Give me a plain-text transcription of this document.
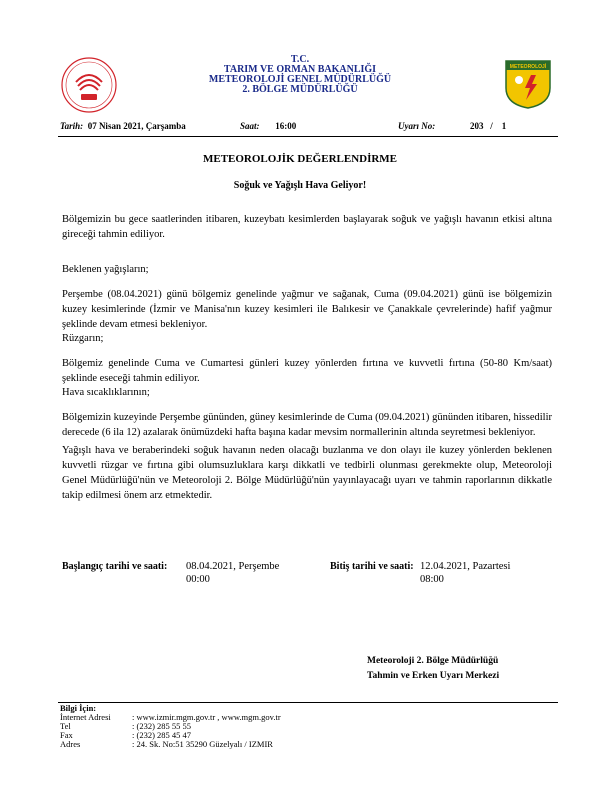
T.C.
TARIM VE ORMAN BAKANLIĞI
METEOROLOJİ GENEL MÜDÜRLÜĞÜ
2. BÖLGE MÜDÜRLÜĞÜ
METEOROLOJİ
Tarih: 07 Nisan 2021, Çarşamba	Saat: 16:00	Uyarı No:	203 / 1
METEOROLOJİK DEĞERLENDİRME
Soğuk ve Yağışlı Hava Geliyor!
Bölgemizin bu gece saatlerinden itibaren, kuzeybatı kesimlerden başlayarak soğuk ve yağışlı havanın etkisi altına gireceği tahmin ediliyor.

Beklenen yağışların;

Perşembe (08.04.2021) günü bölgemiz genelinde yağmur ve sağanak, Cuma (09.04.2021) günü ise bölgemizin kuzey kesimlerinde (İzmir ve Manisa'nın kuzey kesimleri ile Balıkesir ve Çanakkale çevrelerinde) hafif yağmur şeklinde devam etmesi bekleniyor.

Rüzgarın;

Bölgemiz genelinde Cuma ve Cumartesi günleri kuzey yönlerden fırtına ve kuvvetli fırtına (50-80 Km/saat) şeklinde eseceği tahmin ediliyor.

Hava sıcaklıklarının;

Bölgemizin kuzeyinde Perşembe gününden, güney kesimlerinde de Cuma (09.04.2021) gününden itibaren, hissedilir derecede (6 ila 12) azalarak önümüzdeki hafta başına kadar mevsim normallerinin altında seyretmesi bekleniyor.

Yağışlı hava ve beraberindeki soğuk havanın neden olacağı buzlanma ve don olayı ile kuzey yönlerden beklenen kuvvetli rüzgar ve fırtına gibi olumsuzluklara karşı dikkatli ve tedbirli olunması gerekmekte olup, Meteoroloji Genel Müdürlüğü'nün ve Meteoroloji 2. Bölge Müdürlüğü'nün yayınlayacağı uyarı ve tahmin raporlarının dikkatle takip edilmesi önem arz etmektedir.
Başlangıç tarihi ve saati: 08.04.2021, Perşembe
00:00
Bitiş tarihi ve saati: 12.04.2021, Pazartesi
08:00
Meteoroloji 2. Bölge Müdürlüğü
Tahmin ve Erken Uyarı Merkezi
Bilgi İçin:
İnternet Adresi	: www.izmir.mgm.gov.tr , www.mgm.gov.tr
Tel	: (232) 285 55 55
Fax	: (232) 285 45 47
Adres	: 24. Sk. No:51 35290 Güzelyalı / IZMIR
